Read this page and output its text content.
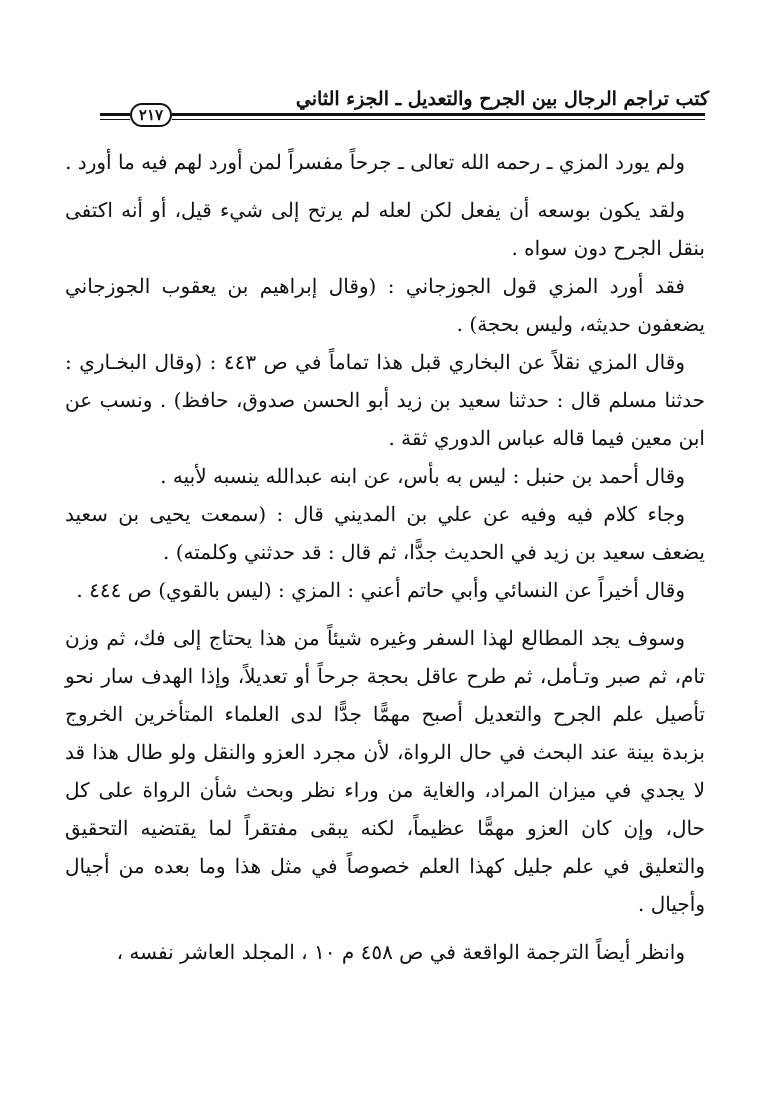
كتب تراجم الرجال بين الجرح والتعديل ـ الجزء الثاني
٢١٧

ولم يورد المزي ـ رحمه الله تعالى ـ جرحاً مفسراً لمن أورد لهم فيه ما أورد .

ولقد يكون بوسعه أن يفعل لكن لعله لم يرتح إلى شيء قيل، أو أنه اكتفى بنقل الجرح دون سواه .

فقد أورد المزي قول الجوزجاني : (وقال إبراهيم بن يعقوب الجوزجاني يضعفون حديثه، وليس بحجة) .

وقال المزي نقلاً عن البخاري قبل هذا تماماً في ص ٤٤٣ : (وقال البخـاري : حدثنا مسلم قال : حدثنا سعيد بن زيد أبو الحسن صدوق، حافظ) . ونسب عن ابن معين فيما قاله عباس الدوري ثقة .

وقال أحمد بن حنبل : ليس به بأس، عن ابنه عبدالله ينسبه لأبيه .

وجاء كلام فيه وفيه عن علي بن المديني قال : (سمعت يحيى بن سعيد يضعف سعيد بن زيد في الحديث جدًّا، ثم قال : قد حدثني وكلمته) .

وقال أخيراً عن النسائي وأبي حاتم أعني : المزي : (ليس بالقوي) ص ٤٤٤ .

وسوف يجد المطالع لهذا السفر وغيره شيئاً من هذا يحتاج إلى فك، ثم وزن تام، ثم صبر وتـأمل، ثم طرح عاقل بحجة جرحاً أو تعديلاً، وإذا الهدف سار نحو تأصيل علم الجرح والتعديل أصبح مهمًّا جدًّا لدى العلماء المتأخرين الخروج بزبدة بينة عند البحث في حال الرواة، لأن مجرد العزو والنقل ولو طال هذا قد لا يجدي في ميزان المراد، والغاية من وراء نظر وبحث شأن الرواة على كل حال، وإن كان العزو مهمًّا عظيماً، لكنه يبقى مفتقراً لما يقتضيه التحقيق والتعليق في علم جليل كهذا العلم خصوصاً في مثل هذا وما بعده من أجيال وأجيال .

وانظر أيضاً الترجمة الواقعة في ص ٤٥٨ م ١٠ ، المجلد العاشر نفسه ،
